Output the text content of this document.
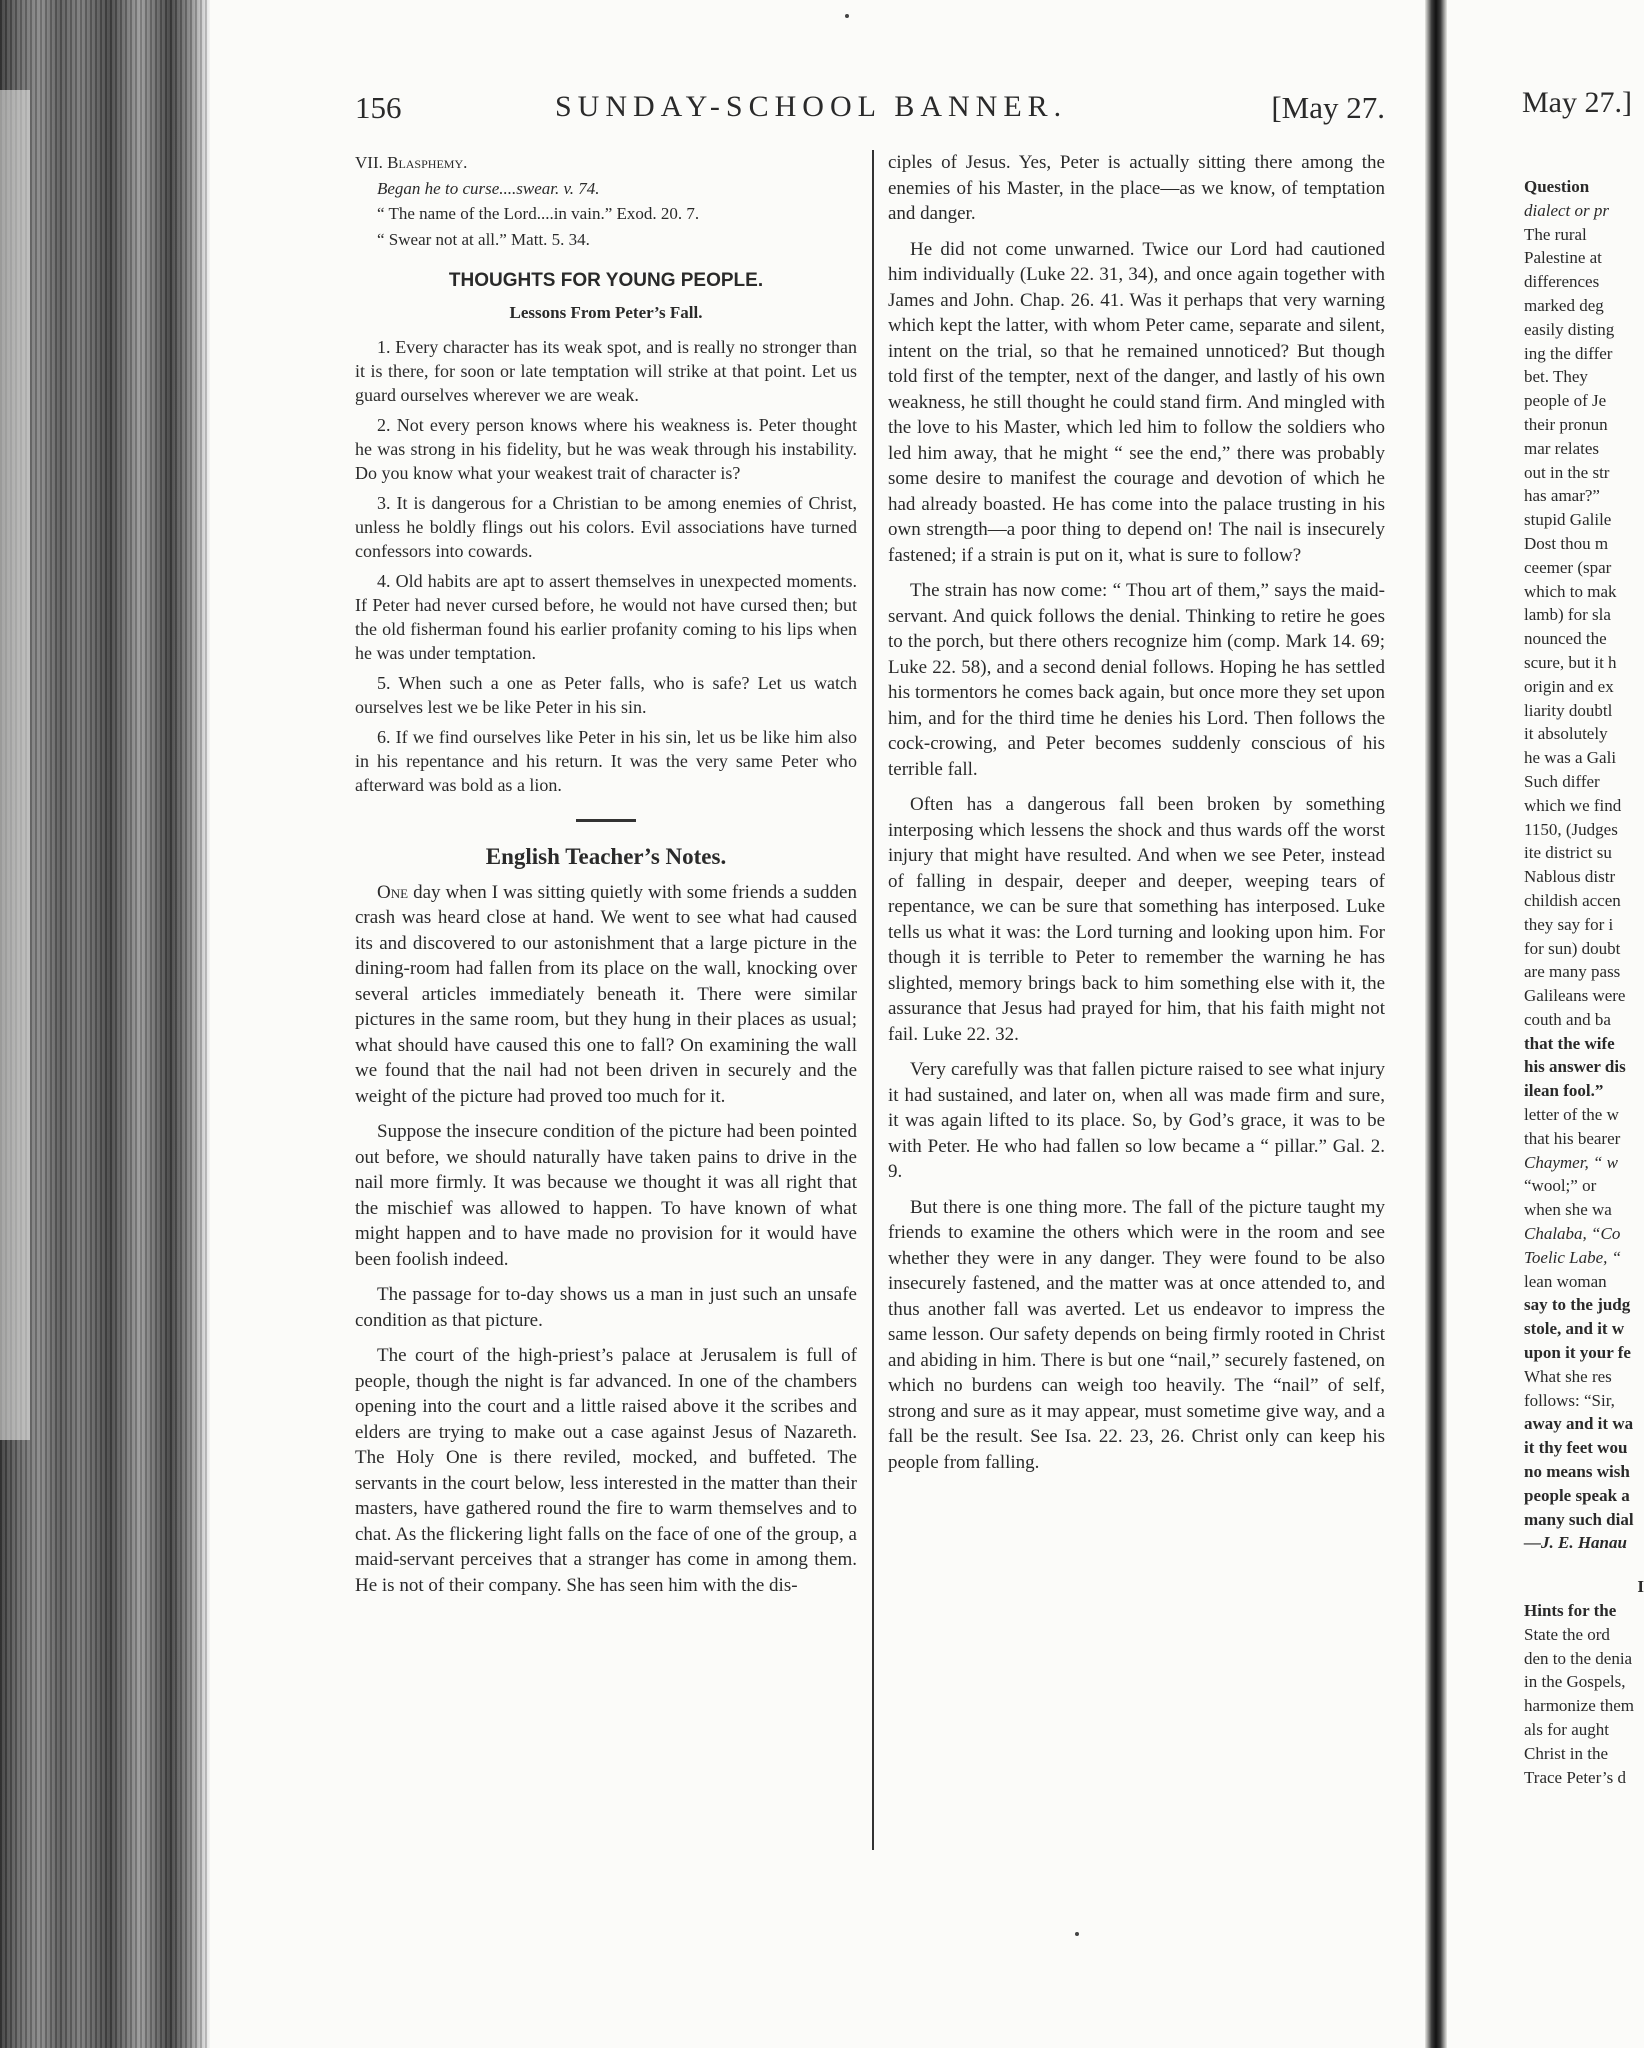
156	SUNDAY-SCHOOL BANNER.	[May 27.
VII. Blasphemy.
Began he to curse....swear. v. 74.
“ The name of the Lord....in vain.” Exod. 20. 7.
“ Swear not at all.” Matt. 5. 34.
THOUGHTS FOR YOUNG PEOPLE.
Lessons From Peter’s Fall.

1. Every character has its weak spot, and is really no stronger than it is there, for soon or late temptation will strike at that point. Let us guard ourselves wherever we are weak.

2. Not every person knows where his weakness is. Peter thought he was strong in his fidelity, but he was weak through his instability. Do you know what your weakest trait of character is?

3. It is dangerous for a Christian to be among enemies of Christ, unless he boldly flings out his colors. Evil associations have turned confessors into cowards.

4. Old habits are apt to assert themselves in unexpected moments. If Peter had never cursed before, he would not have cursed then; but the old fisherman found his earlier profanity coming to his lips when he was under temptation.

5. When such a one as Peter falls, who is safe? Let us watch ourselves lest we be like Peter in his sin.

6. If we find ourselves like Peter in his sin, let us be like him also in his repentance and his return. It was the very same Peter who afterward was bold as a lion.

English Teacher’s Notes.

One day when I was sitting quietly with some friends a sudden crash was heard close at hand. We went to see what had caused its and discovered to our astonishment that a large picture in the dining-room had fallen from its place on the wall, knocking over several articles immediately beneath it. There were similar pictures in the same room, but they hung in their places as usual; what should have caused this one to fall? On examining the wall we found that the nail had not been driven in securely and the weight of the picture had proved too much for it.

Suppose the insecure condition of the picture had been pointed out before, we should naturally have taken pains to drive in the nail more firmly. It was because we thought it was all right that the mischief was allowed to happen. To have known of what might happen and to have made no provision for it would have been foolish indeed.

The passage for to-day shows us a man in just such an unsafe condition as that picture.

The court of the high-priest’s palace at Jerusalem is full of people, though the night is far advanced. In one of the chambers opening into the court and a little raised above it the scribes and elders are trying to make out a case against Jesus of Nazareth. The Holy One is there reviled, mocked, and buffeted. The servants in the court below, less interested in the matter than their masters, have gathered round the fire to warm themselves and to chat. As the flickering light falls on the face of one of the group, a maid-servant perceives that a stranger has come in among them. He is not of their company. She has seen him with the dis-

ciples of Jesus. Yes, Peter is actually sitting there among the enemies of his Master, in the place—as we know, of temptation and danger.

He did not come unwarned. Twice our Lord had cautioned him individually (Luke 22. 31, 34), and once again together with James and John. Chap. 26. 41. Was it perhaps that very warning which kept the latter, with whom Peter came, separate and silent, intent on the trial, so that he remained unnoticed? But though told first of the tempter, next of the danger, and lastly of his own weakness, he still thought he could stand firm. And mingled with the love to his Master, which led him to follow the soldiers who led him away, that he might “ see the end,” there was probably some desire to manifest the courage and devotion of which he had already boasted. He has come into the palace trusting in his own strength—a poor thing to depend on! The nail is insecurely fastened; if a strain is put on it, what is sure to follow?

The strain has now come: “ Thou art of them,” says the maid-servant. And quick follows the denial. Thinking to retire he goes to the porch, but there others recognize him (comp. Mark 14. 69; Luke 22. 58), and a second denial follows. Hoping he has settled his tormentors he comes back again, but once more they set upon him, and for the third time he denies his Lord. Then follows the cock-crowing, and Peter becomes suddenly conscious of his terrible fall.

Often has a dangerous fall been broken by something interposing which lessens the shock and thus wards off the worst injury that might have resulted. And when we see Peter, instead of falling in despair, deeper and deeper, weeping tears of repentance, we can be sure that something has interposed. Luke tells us what it was: the Lord turning and looking upon him. For though it is terrible to Peter to remember the warning he has slighted, memory brings back to him something else with it, the assurance that Jesus had prayed for him, that his faith might not fail. Luke 22. 32.

Very carefully was that fallen picture raised to see what injury it had sustained, and later on, when all was made firm and sure, it was again lifted to its place. So, by God’s grace, it was to be with Peter. He who had fallen so low became a “ pillar.” Gal. 2. 9.

But there is one thing more. The fall of the picture taught my friends to examine the others which were in the room and see whether they were in any danger. They were found to be also insecurely fastened, and the matter was at once attended to, and thus another fall was averted. Let us endeavor to impress the same lesson. Our safety depends on being firmly rooted in Christ and abiding in him. There is but one “nail,” securely fastened, on which no burdens can weigh too heavily. The “nail” of self, strong and sure as it may appear, must sometime give way, and a fall be the result. See Isa. 22. 23, 26. Christ only can keep his people from falling.

May 27.]
Question
dialect or pr
The rural
Palestine at
differences
marked deg
easily disting
ing the differ
bet. They
people of Je
their pronun
mar relates
out in the str
has amar?”
stupid Galile
Dost thou m
ceemer (spar
which to mak
lamb) for sla
nounced the
scure, but it h
origin and ex
liarity doubtl
it absolutely
he was a Gali
Such differ
which we find
1150, (Judges
ite district su
Nablous distr
childish accen
they say for i
for sun) doubt
are many pass
Galileans were
couth and ba
that the wife
his answer dis
ilean fool.”
letter of the w
that his bearer
Chaymer, “ w
“wool;” or
when she wa
Chalaba, “Co
Toelic Labe, “
lean woman
say to the judg
stole, and it w
upon it your fe
What she res
follows: “Sir,
away and it wa
it thy feet wou
no means wish
people speak a
many such dial
—J. E. Hanau
I
Hints for the
State the ord
den to the denia
in the Gospels,
harmonize them
als for aught
Christ in the
Trace Peter’s d
